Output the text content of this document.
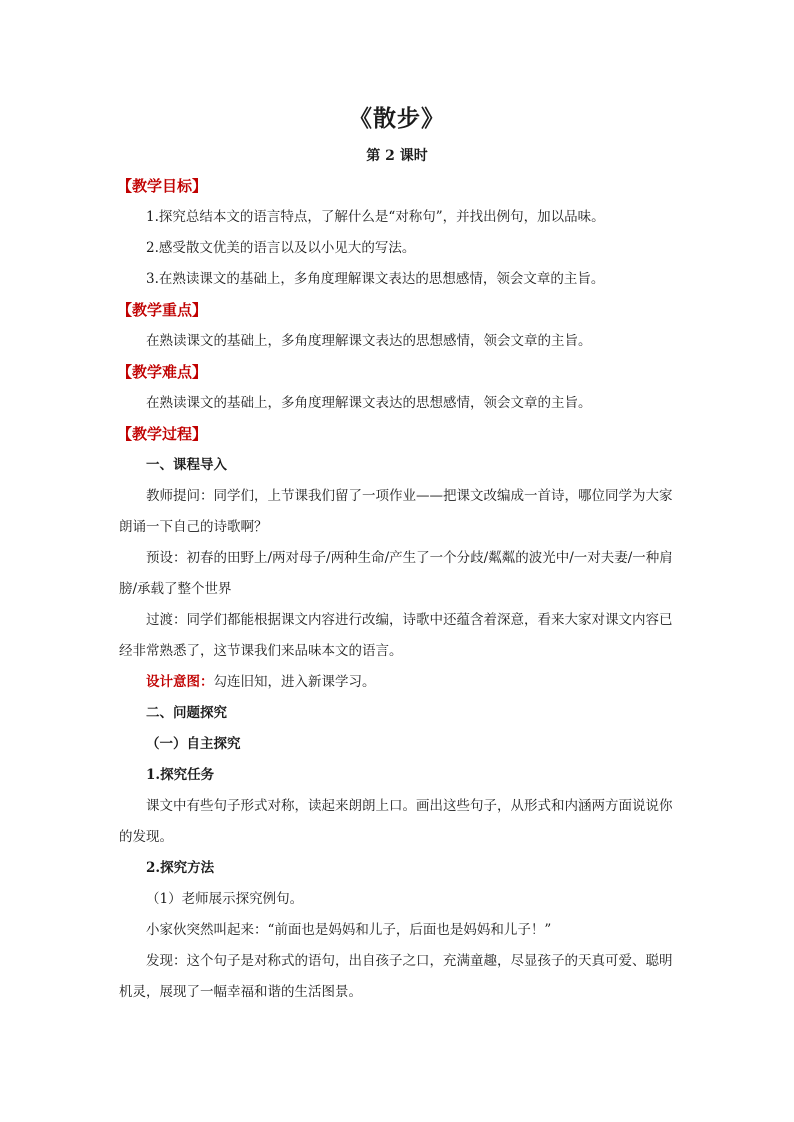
《散步》
第 2 课时
【教学目标】

1.探究总结本文的语言特点，了解什么是“对称句”，并找出例句，加以品味。

2.感受散文优美的语言以及以小见大的写法。

3.在熟读课文的基础上，多角度理解课文表达的思想感情，领会文章的主旨。

【教学重点】

在熟读课文的基础上，多角度理解课文表达的思想感情，领会文章的主旨。

【教学难点】

在熟读课文的基础上，多角度理解课文表达的思想感情，领会文章的主旨。

【教学过程】

一、课程导入

教师提问：同学们，上节课我们留了一项作业——把课文改编成一首诗，哪位同学为大家朗诵一下自己的诗歌啊？

预设：初春的田野上/两对母子/两种生命/产生了一个分歧/粼粼的波光中/一对夫妻/一种肩膀/承载了整个世界

过渡：同学们都能根据课文内容进行改编，诗歌中还蕴含着深意，看来大家对课文内容已经非常熟悉了，这节课我们来品味本文的语言。

设计意图：勾连旧知，进入新课学习。

二、问题探究

（一）自主探究

1.探究任务

课文中有些句子形式对称，读起来朗朗上口。画出这些句子，从形式和内涵两方面说说你的发现。

2.探究方法

（1）老师展示探究例句。

小家伙突然叫起来：“前面也是妈妈和儿子，后面也是妈妈和儿子！”

发现：这个句子是对称式的语句，出自孩子之口，充满童趣，尽显孩子的天真可爱、聪明机灵，展现了一幅幸福和谐的生活图景。
